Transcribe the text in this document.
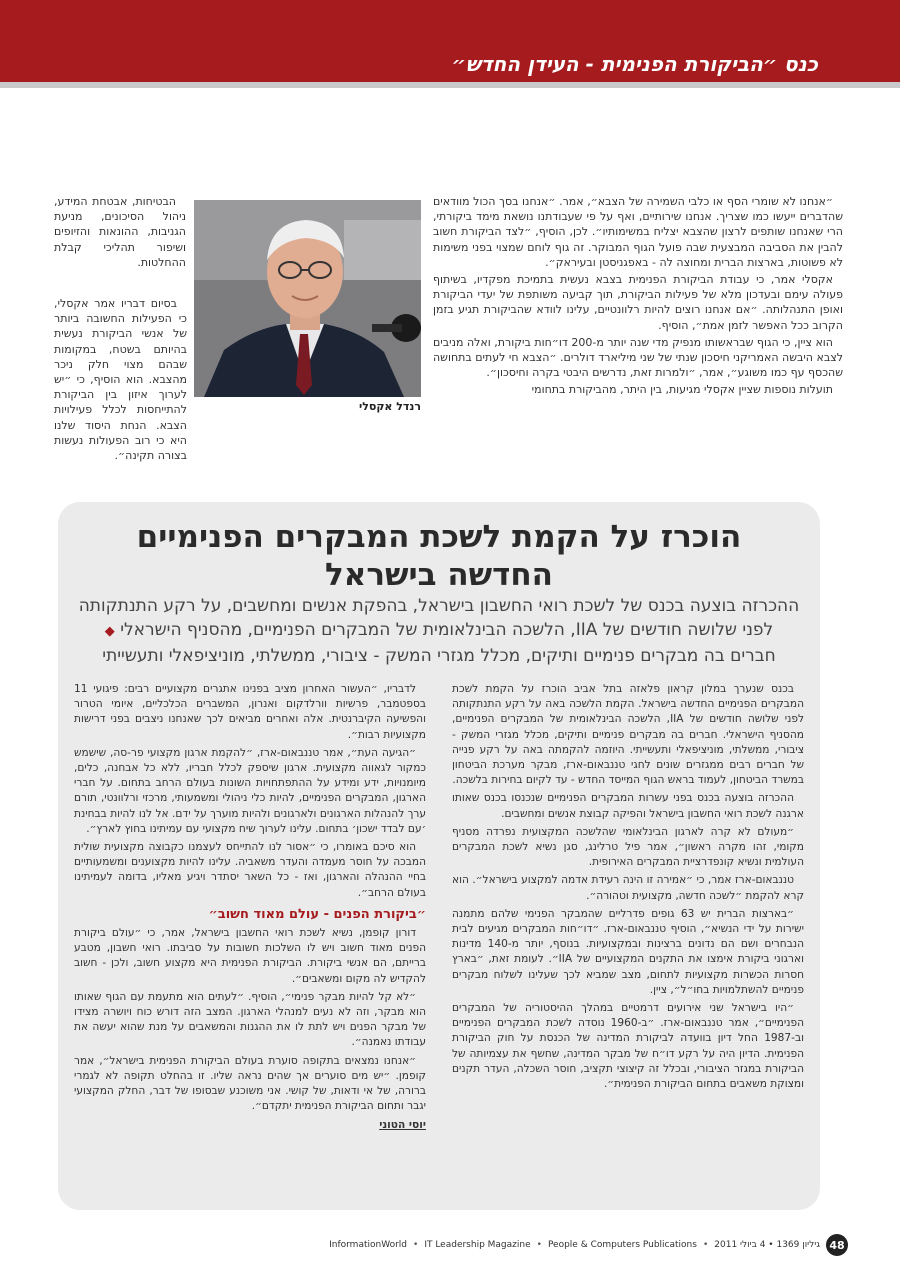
כנס ״הביקורת הפנימית - העידן החדש״

״אנחנו לא שומרי הסף או כלבי השמירה של הצבא״, אמר. ״אנחנו בסך הכול מוודאים שהדברים ייעשו כמו שצריך. אנחנו שירותיים, ואף על פי שעבודתנו נושאת מימד ביקורתי, הרי שאנחנו שותפים לרצון שהצבא יצליח במשימותיו״. לכן, הוסיף, ״לצד הביקורת חשוב להבין את הסביבה המבצעית שבה פועל הגוף המבוקר. זה גוף לוחם שמצוי בפני משימות לא פשוטות, בארצות הברית ומחוצה לה - באפגניסטן ובעיראק״.

אקסלי אמר, כי עבודת הביקורת הפנימית בצבא נעשית בתמיכת מפקדיו, בשיתוף פעולה עימם ובעדכון מלא של פעילות הביקורת, תוך קביעה משותפת של יעדי הביקורת ואופן התנהלותה. ״אם אנחנו רוצים להיות רלוונטיים, עלינו לוודא שהביקורת תגיע בזמן הקרוב ככל האפשר לזמן אמת״, הוסיף.

הוא ציין, כי הגוף שבראשותו מנפיק מדי שנה יותר מ-200 דו״חות ביקורת, ואלה מניבים לצבא היבשה האמריקני חיסכון שנתי של שני מיליארד דולרים. ״הצבא חי לעתים בתחושה שהכסף עף כמו משוגע״, אמר, ״ולמרות זאת, נדרשים היבטי בקרה וחיסכון״.

תועלות נוספות שציין אקסלי מגיעות, בין היתר, מהביקורת בתחומי

רנדל אקסלי

הבטיחות, אבטחת המידע, ניהול הסיכונים, מניעת הגניבות, ההונאות והזיופים ושיפור תהליכי קבלת ההחלטות.

בסיום דבריו אמר אקסלי, כי הפעילות החשובה ביותר של אנשי הביקורת נעשית בהיותם בשטח, במקומות שבהם מצוי חלק ניכר מהצבא. הוא הוסיף, כי ״יש לערוך איזון בין הביקורת להתייחסות לכלל פעילויות הצבא. הנחת היסוד שלנו היא כי רוב הפעולות נעשות בצורה תקינה״.

הוכרז על הקמת לשכת המבקרים הפנימיים
החדשה בישראל
ההכרזה בוצעה בכנס של לשכת רואי החשבון בישראל, בהפקת אנשים ומחשבים, על רקע התנתקותה
לפני שלושה חודשים של IIA, הלשכה הבינלאומית של המבקרים הפנימיים, מהסניף הישראלי ◆
חברים בה מבקרים פנימיים ותיקים, מכלל מגזרי המשק - ציבורי, ממשלתי, מוניציפאלי ותעשייתי

בכנס שנערך במלון קראון פלאזה בתל אביב הוכרז על הקמת לשכת המבקרים הפנימיים החדשה בישראל. הקמת הלשכה באה על רקע התנתקותה לפני שלושה חודשים של IIA, הלשכה הבינלאומית של המבקרים הפנימיים, מהסניף הישראלי. חברים בה מבקרים פנימיים ותיקים, מכלל מגזרי המשק - ציבורי, ממשלתי, מוניציפאלי ותעשייתי. היוזמה להקמתה באה על רקע פנייה של חברים רבים ממגזרים שונים לחגי טננבאום-ארז, מבקר מערכת הביטחון במשרד הביטחון, לעמוד בראש הגוף המייסד החדש - עד לקיום בחירות בלשכה.

ההכרזה בוצעה בכנס בפני עשרות המבקרים הפנימיים שנכנסו בכנס שאותו ארגנה לשכת רואי החשבון בישראל והפיקה קבוצת אנשים ומחשבים.

״מעולם לא קרה לארגון הבינלאומי שהלשכה המקצועית נפרדה מסניף מקומי, זהו מקרה ראשון״, אמר פיל טרלינג, סגן נשיא לשכת המבקרים העולמית ונשיא קונפדרציית המבקרים האירופית.

טננבאום-ארז אמר, כי ״אמירה זו הינה רעידת אדמה למקצוע בישראל״. הוא קרא להקמת ״לשכה חדשה, מקצועית וטהורה״.

״בארצות הברית יש 63 גופים פדרליים שהמבקר הפנימי שלהם מתמנה ישירות על ידי הנשיא״, הוסיף טננבאום-ארז. ״דו״חות המבקרים מגיעים לבית הנבחרים ושם הם נדונים ברצינות ובמקצועיות. בנוסף, יותר מ-140 מדינות וארגוני ביקורת אימצו את התקנים המקצועיים של IIA״. לעומת זאת, ״בארץ חסרות הכשרות מקצועיות לתחום, מצב שמביא לכך שעלינו לשלוח מבקרים פנימיים להשתלמויות בחו״ל״, ציין.

״היו בישראל שני אירועים דרמטיים במהלך ההיסטוריה של המבקרים הפנימיים״, אמר טננבאום-ארז. ״ב-1960 נוסדה לשכת המבקרים הפנימיים וב-1987 החל דיון בוועדה לביקורת המדינה של הכנסת על חוק הביקורת הפנימית. הדיון היה על רקע דו״ח של מבקר המדינה, שחשף את עצמיותה של הביקורת במגזר הציבורי, ובכלל זה קיצוצי תקציב, חוסר השכלה, העדר תקנים ומצוקת משאבים בתחום הביקורת הפנימית״.

לדבריו, ״העשור האחרון מציב בפנינו אתגרים מקצועיים רבים: פיגועי 11 בספטמבר, פרשיות וורלדקום ואנרון, המשברים הכלכליים, איומי הטרור והפשיעה הקיברנטית. אלה ואחרים מביאים לכך שאנחנו ניצבים בפני דרישות מקצועיות רבות״.

״הגיעה העת״, אמר טננבאום-ארז, ״להקמת ארגון מקצועי פר-סה, שישמש כמקור לגאווה מקצועית. ארגון שיספק לכלל חבריו, ללא כל אבחנה, כלים, מיומנויות, ידע ומידע על ההתפתחויות השונות בעולם הרחב בתחום. על חברי הארגון, המבקרים הפנימיים, להיות כלי ניהולי ומשמעותי, מרכזי ורלוונטי, תורם ערך להנהלות הארגונים ולארגונים ולהיות מוערך על ידם. אל לנו להיות בבחינת ׳עם לבדד ישכון׳ בתחום. עלינו לערוך שיח מקצועי עם עמיתינו בחוץ לארץ״.

הוא סיכם באומרו, כי ״אסור לנו להתייחס לעצמנו כקבוצה מקצועית שולית המבכה על חוסר מעמדה והעדר משאביה. עלינו להיות מקצוענים ומשמעותיים בחיי ההנהלה והארגון, ואז - כל השאר יסתדר ויגיע מאליו, בדומה לעמיתינו בעולם הרחב״.

״ביקורת הפנים - עולם מאוד חשוב״

דורון קופמן, נשיא לשכת רואי החשבון בישראל, אמר, כי ״עולם ביקורת הפנים מאוד חשוב ויש לו השלכות חשובות על סביבתו. רואי חשבון, מטבע ברייתם, הם אנשי ביקורת. הביקורת הפנימית היא מקצוע חשוב, ולכן - חשוב להקדיש לה מקום ומשאבים״.

״לא קל להיות מבקר פנימי״, הוסיף. ״לעתים הוא מתעמת עם הגוף שאותו הוא מבקר, וזה לא נעים למנהלי הארגון. המצב הזה דורש כוח ויושרה מצידו של מבקר הפנים ויש לתת לו את ההגנות והמשאבים על מנת שהוא יעשה את עבודתו נאמנה״.

״אנחנו נמצאים בתקופה סוערת בעולם הביקורת הפנימית בישראל״, אמר קופמן. ״יש מים סוערים אך שהים נראה שליו. זו בהחלט תקופה לא לגמרי ברורה, של אי ודאות, של קושי. אני משוכנע שבסופו של דבר, החלק המקצועי יגבר ותחום הביקורת הפנימית יתקדם״.

יוסי הטוני

48
גיליון 1369 • 4 ביולי 2011
•
People & Computers Publications
•
IT Leadership Magazine
•
InformationWorld
